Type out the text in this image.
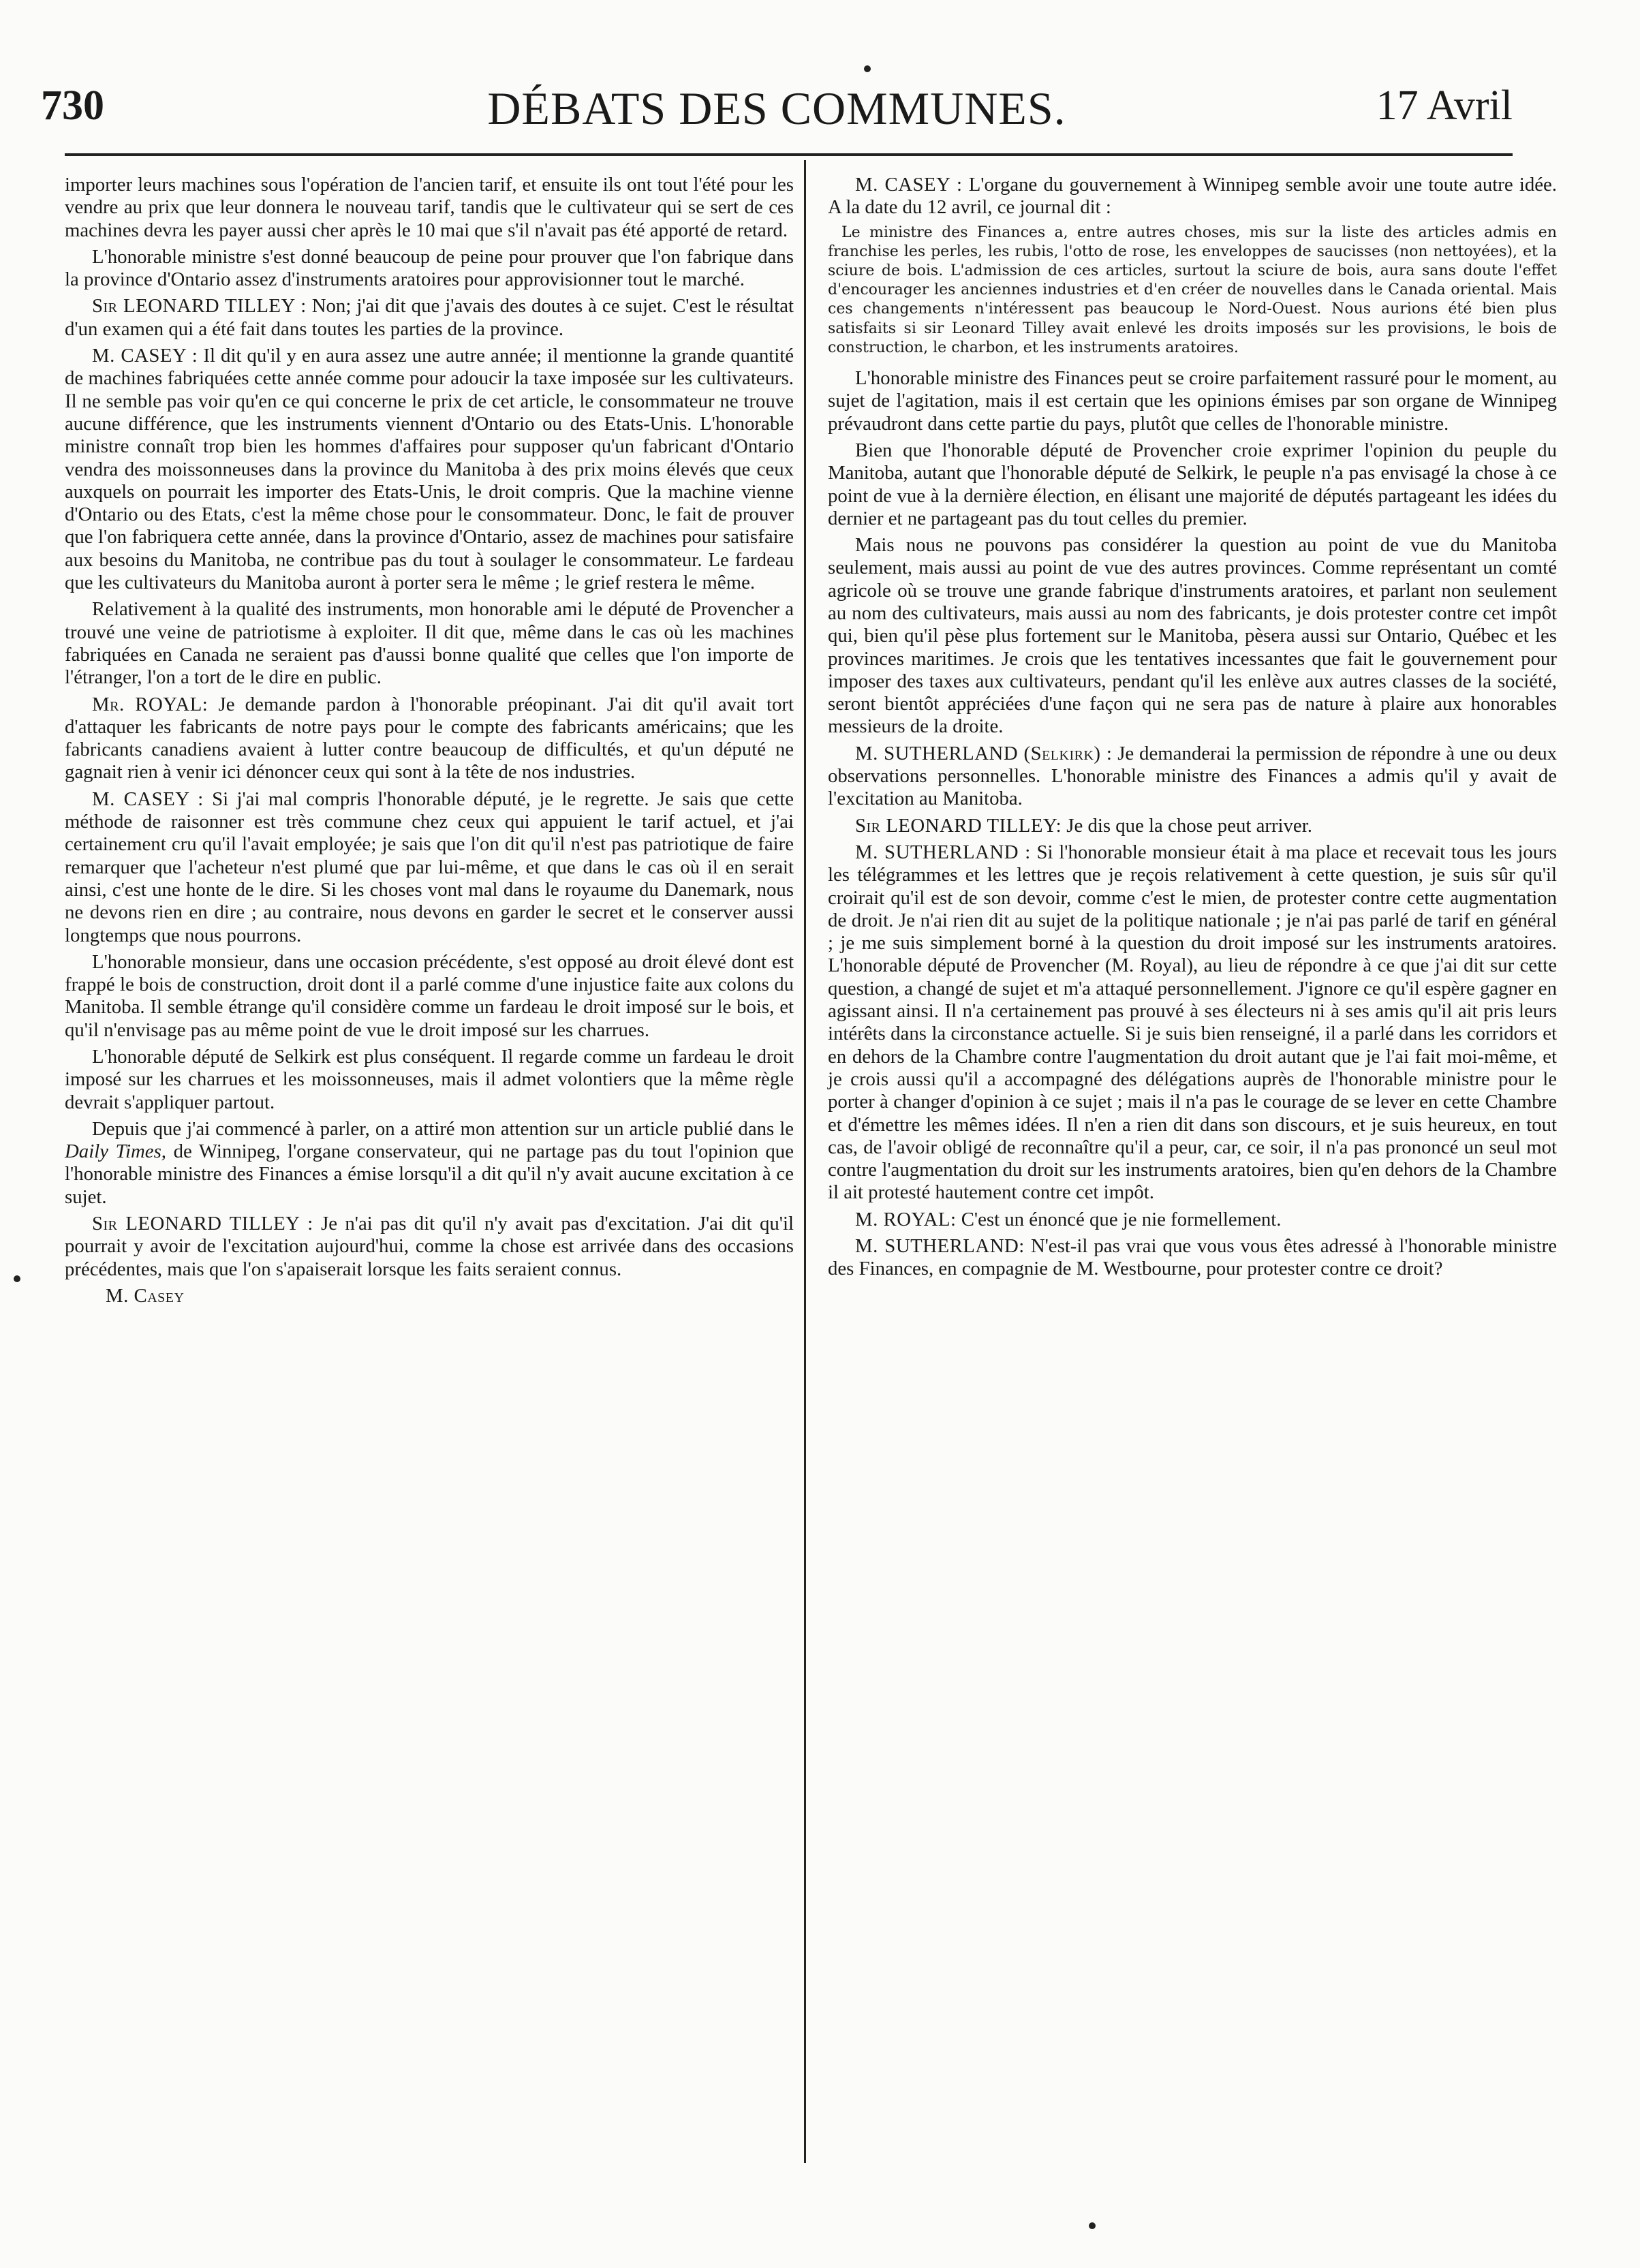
730	DÉBATS DES COMMUNES.	17 Avril

importer leurs machines sous l'opération de l'ancien tarif, et ensuite ils ont tout l'été pour les vendre au prix que leur donnera le nouveau tarif, tandis que le cultivateur qui se sert de ces machines devra les payer aussi cher après le 10 mai que s'il n'avait pas été apporté de retard.

L'honorable ministre s'est donné beaucoup de peine pour prouver que l'on fabrique dans la province d'Ontario assez d'instruments aratoires pour approvisionner tout le marché.

Sir LEONARD TILLEY : Non; j'ai dit que j'avais des doutes à ce sujet. C'est le résultat d'un examen qui a été fait dans toutes les parties de la province.

M. CASEY : Il dit qu'il y en aura assez une autre année; il mentionne la grande quantité de machines fabriquées cette année comme pour adoucir la taxe imposée sur les cultivateurs. Il ne semble pas voir qu'en ce qui concerne le prix de cet article, le consommateur ne trouve aucune différence, que les instruments viennent d'Ontario ou des Etats-Unis. L'honorable ministre connaît trop bien les hommes d'affaires pour supposer qu'un fabricant d'Ontario vendra des moissonneuses dans la province du Manitoba à des prix moins élevés que ceux auxquels on pourrait les importer des Etats-Unis, le droit compris. Que la machine vienne d'Ontario ou des Etats, c'est la même chose pour le consommateur. Donc, le fait de prouver que l'on fabriquera cette année, dans la province d'Ontario, assez de machines pour satisfaire aux besoins du Manitoba, ne contribue pas du tout à soulager le consommateur. Le fardeau que les cultivateurs du Manitoba auront à porter sera le même ; le grief restera le même.

Relativement à la qualité des instruments, mon honorable ami le député de Provencher a trouvé une veine de patriotisme à exploiter. Il dit que, même dans le cas où les machines fabriquées en Canada ne seraient pas d'aussi bonne qualité que celles que l'on importe de l'étranger, l'on a tort de le dire en public.

Mr. ROYAL: Je demande pardon à l'honorable préopinant. J'ai dit qu'il avait tort d'attaquer les fabricants de notre pays pour le compte des fabricants américains; que les fabricants canadiens avaient à lutter contre beaucoup de difficultés, et qu'un député ne gagnait rien à venir ici dénoncer ceux qui sont à la tête de nos industries.

M. CASEY : Si j'ai mal compris l'honorable député, je le regrette. Je sais que cette méthode de raisonner est très commune chez ceux qui appuient le tarif actuel, et j'ai certainement cru qu'il l'avait employée; je sais que l'on dit qu'il n'est pas patriotique de faire remarquer que l'acheteur n'est plumé que par lui-même, et que dans le cas où il en serait ainsi, c'est une honte de le dire. Si les choses vont mal dans le royaume du Danemark, nous ne devons rien en dire ; au contraire, nous devons en garder le secret et le conserver aussi longtemps que nous pourrons.

L'honorable monsieur, dans une occasion précédente, s'est opposé au droit élevé dont est frappé le bois de construction, droit dont il a parlé comme d'une injustice faite aux colons du Manitoba. Il semble étrange qu'il considère comme un fardeau le droit imposé sur le bois, et qu'il n'envisage pas au même point de vue le droit imposé sur les charrues.

L'honorable député de Selkirk est plus conséquent. Il regarde comme un fardeau le droit imposé sur les charrues et les moissonneuses, mais il admet volontiers que la même règle devrait s'appliquer partout.

Depuis que j'ai commencé à parler, on a attiré mon attention sur un article publié dans le Daily Times, de Winnipeg, l'organe conservateur, qui ne partage pas du tout l'opinion que l'honorable ministre des Finances a émise lorsqu'il a dit qu'il n'y avait aucune excitation à ce sujet.

Sir LEONARD TILLEY : Je n'ai pas dit qu'il n'y avait pas d'excitation. J'ai dit qu'il pourrait y avoir de l'excitation aujourd'hui, comme la chose est arrivée dans des occasions précédentes, mais que l'on s'apaiserait lorsque les faits seraient connus.

M. Casey

M. CASEY : L'organe du gouvernement à Winnipeg semble avoir une toute autre idée. A la date du 12 avril, ce journal dit :

Le ministre des Finances a, entre autres choses, mis sur la liste des articles admis en franchise les perles, les rubis, l'otto de rose, les enveloppes de saucisses (non nettoyées), et la sciure de bois. L'admission de ces articles, surtout la sciure de bois, aura sans doute l'effet d'encourager les anciennes industries et d'en créer de nouvelles dans le Canada oriental. Mais ces changements n'intéressent pas beaucoup le Nord-Ouest. Nous aurions été bien plus satisfaits si sir Leonard Tilley avait enlevé les droits imposés sur les provisions, le bois de construction, le charbon, et les instruments aratoires.

L'honorable ministre des Finances peut se croire parfaitement rassuré pour le moment, au sujet de l'agitation, mais il est certain que les opinions émises par son organe de Winnipeg prévaudront dans cette partie du pays, plutôt que celles de l'honorable ministre.

Bien que l'honorable député de Provencher croie exprimer l'opinion du peuple du Manitoba, autant que l'honorable député de Selkirk, le peuple n'a pas envisagé la chose à ce point de vue à la dernière élection, en élisant une majorité de députés partageant les idées du dernier et ne partageant pas du tout celles du premier.

Mais nous ne pouvons pas considérer la question au point de vue du Manitoba seulement, mais aussi au point de vue des autres provinces. Comme représentant un comté agricole où se trouve une grande fabrique d'instruments aratoires, et parlant non seulement au nom des cultivateurs, mais aussi au nom des fabricants, je dois protester contre cet impôt qui, bien qu'il pèse plus fortement sur le Manitoba, pèsera aussi sur Ontario, Québec et les provinces maritimes. Je crois que les tentatives incessantes que fait le gouvernement pour imposer des taxes aux cultivateurs, pendant qu'il les enlève aux autres classes de la société, seront bientôt appréciées d'une façon qui ne sera pas de nature à plaire aux honorables messieurs de la droite.

M. SUTHERLAND (Selkirk) : Je demanderai la permission de répondre à une ou deux observations personnelles. L'honorable ministre des Finances a admis qu'il y avait de l'excitation au Manitoba.

Sir LEONARD TILLEY: Je dis que la chose peut arriver.

M. SUTHERLAND : Si l'honorable monsieur était à ma place et recevait tous les jours les télégrammes et les lettres que je reçois relativement à cette question, je suis sûr qu'il croirait qu'il est de son devoir, comme c'est le mien, de protester contre cette augmentation de droit. Je n'ai rien dit au sujet de la politique nationale ; je n'ai pas parlé de tarif en général ; je me suis simplement borné à la question du droit imposé sur les instruments aratoires. L'honorable député de Provencher (M. Royal), au lieu de répondre à ce que j'ai dit sur cette question, a changé de sujet et m'a attaqué personnellement. J'ignore ce qu'il espère gagner en agissant ainsi. Il n'a certainement pas prouvé à ses électeurs ni à ses amis qu'il ait pris leurs intérêts dans la circonstance actuelle. Si je suis bien renseigné, il a parlé dans les corridors et en dehors de la Chambre contre l'augmentation du droit autant que je l'ai fait moi-même, et je crois aussi qu'il a accompagné des délégations auprès de l'honorable ministre pour le porter à changer d'opinion à ce sujet ; mais il n'a pas le courage de se lever en cette Chambre et d'émettre les mêmes idées. Il n'en a rien dit dans son discours, et je suis heureux, en tout cas, de l'avoir obligé de reconnaître qu'il a peur, car, ce soir, il n'a pas prononcé un seul mot contre l'augmentation du droit sur les instruments aratoires, bien qu'en dehors de la Chambre il ait protesté hautement contre cet impôt.

M. ROYAL: C'est un énoncé que je nie formellement.

M. SUTHERLAND: N'est-il pas vrai que vous vous êtes adressé à l'honorable ministre des Finances, en compagnie de M. Westbourne, pour protester contre ce droit?
